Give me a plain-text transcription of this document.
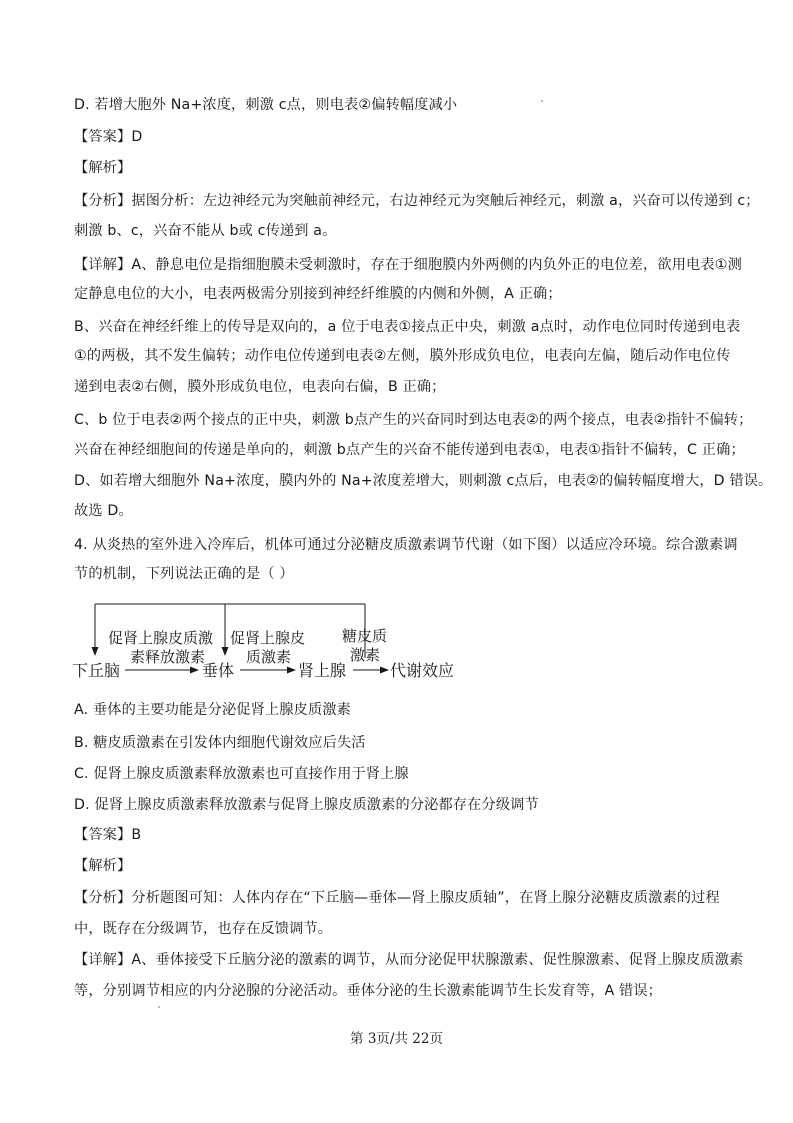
D. 若增大胞外 Na+浓度，刺激 c点，则电表②偏转幅度减小
【答案】D
【解析】
【分析】据图分析：左边神经元为突触前神经元，右边神经元为突触后神经元，刺激 a，兴奋可以传递到 c；
刺激 b、c，兴奋不能从 b或 c传递到 a。
【详解】A、静息电位是指细胞膜未受刺激时，存在于细胞膜内外两侧的内负外正的电位差，欲用电表①测
定静息电位的大小，电表两极需分别接到神经纤维膜的内侧和外侧，A 正确；
B、兴奋在神经纤维上的传导是双向的，a 位于电表①接点正中央，刺激 a点时，动作电位同时传递到电表
①的两极，其不发生偏转；动作电位传递到电表②左侧，膜外形成负电位，电表向左偏，随后动作电位传
递到电表②右侧，膜外形成负电位，电表向右偏，B 正确；
C、b 位于电表②两个接点的正中央，刺激 b点产生的兴奋同时到达电表②的两个接点，电表②指针不偏转；
兴奋在神经细胞间的传递是单向的，刺激 b点产生的兴奋不能传递到电表①，电表①指针不偏转，C 正确；
D、如若增大细胞外 Na+浓度，膜内外的 Na+浓度差增大，则刺激 c点后，电表②的偏转幅度增大，D 错误。
故选 D。
4. 从炎热的室外进入冷库后，机体可通过分泌糖皮质激素调节代谢（如下图）以适应冷环境。综合激素调
节的机制，下列说法正确的是（ ）
促肾上腺皮质激
素释放激素
促肾上腺皮
质激素
糖皮质
激素
下丘脑	垂体	肾上腺	代谢效应
A. 垂体的主要功能是分泌促肾上腺皮质激素
B. 糖皮质激素在引发体内细胞代谢效应后失活
C. 促肾上腺皮质激素释放激素也可直接作用于肾上腺
D. 促肾上腺皮质激素释放激素与促肾上腺皮质激素的分泌都存在分级调节
【答案】B
【解析】
【分析】分析题图可知：人体内存在“下丘脑—垂体—肾上腺皮质轴”，在肾上腺分泌糖皮质激素的过程
中，既存在分级调节，也存在反馈调节。
【详解】A、垂体接受下丘脑分泌的激素的调节，从而分泌促甲状腺激素、促性腺激素、促肾上腺皮质激素
等，分别调节相应的内分泌腺的分泌活动。垂体分泌的生长激素能调节生长发育等，A 错误；
第 3页/共 22页
